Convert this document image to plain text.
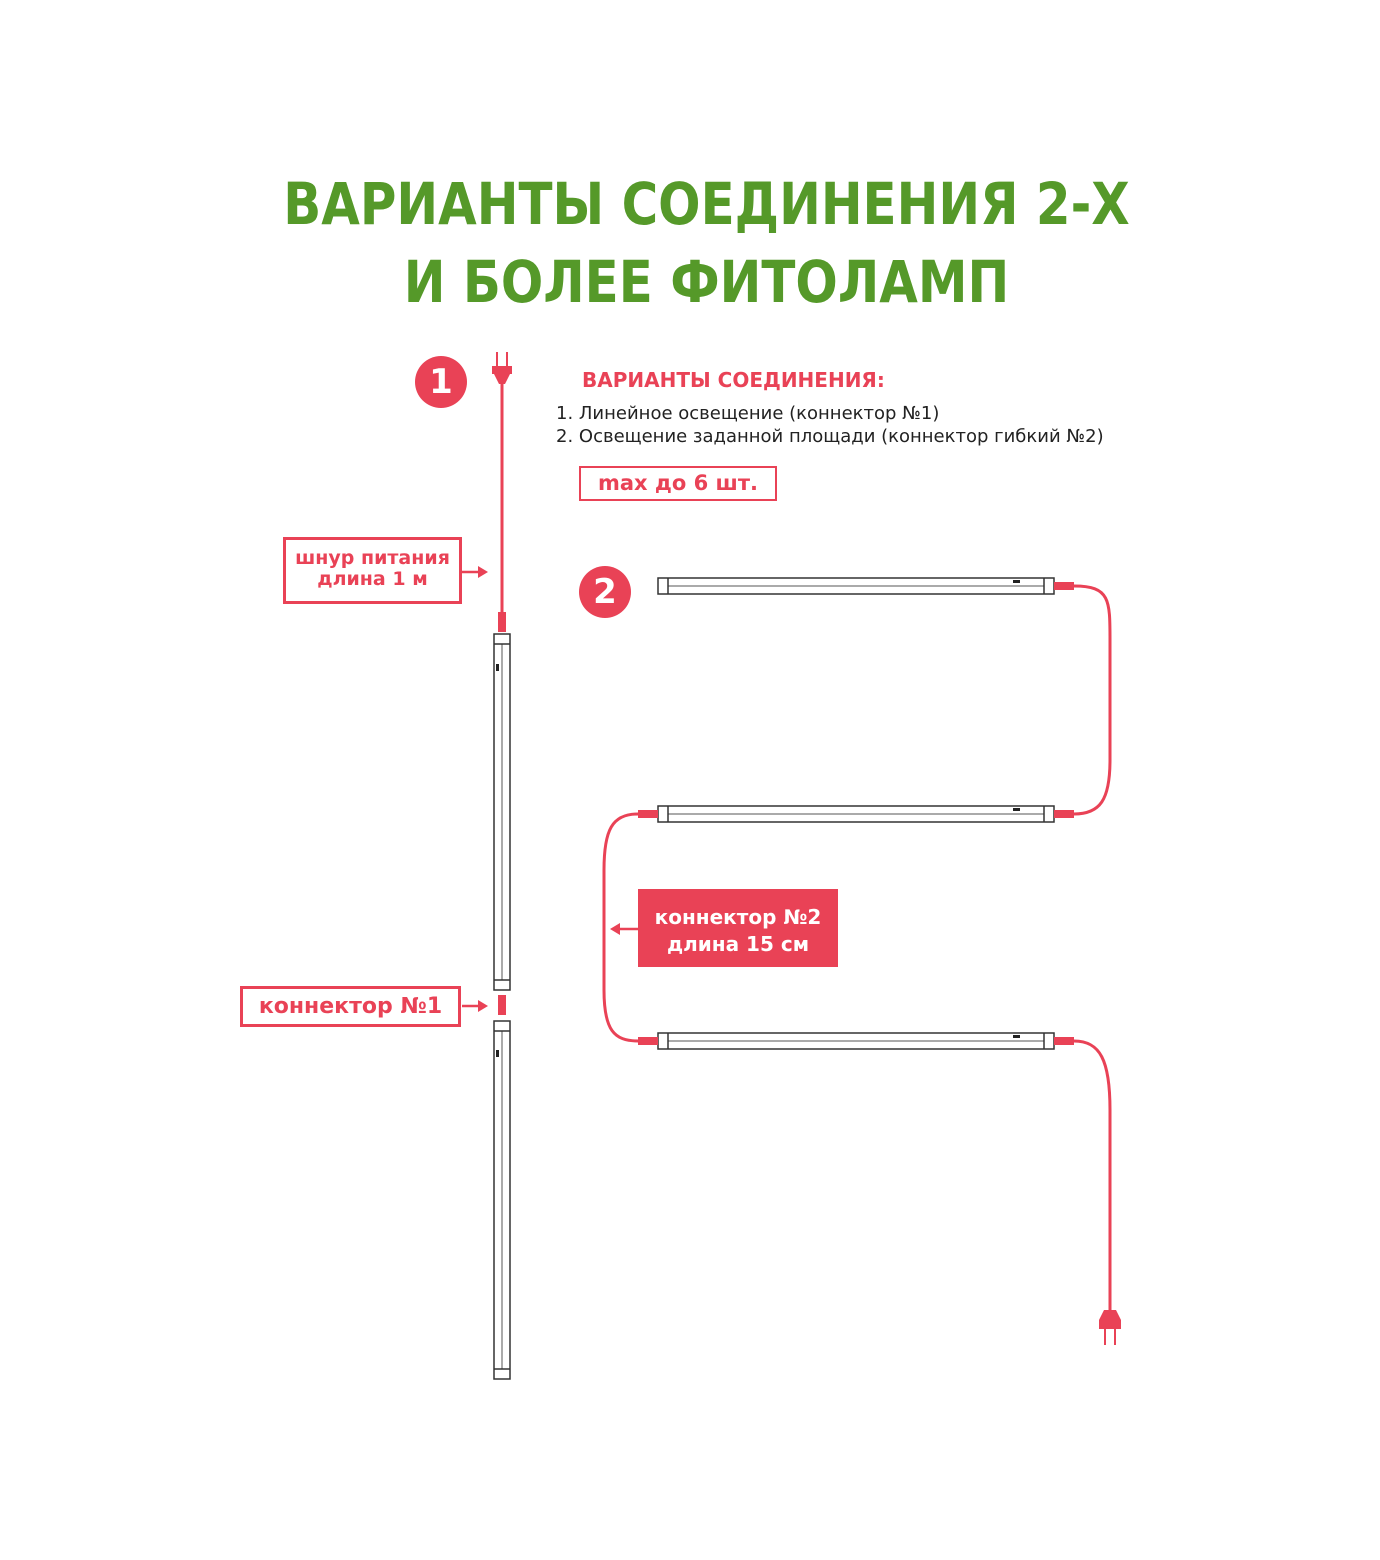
ВАРИАНТЫ СОЕДИНЕНИЯ 2-Х
И БОЛЕЕ ФИТОЛАМП
1
2
ВАРИАНТЫ СОЕДИНЕНИЯ:
1. Линейное освещение (коннектор №1)
2. Освещение заданной площади (коннектор гибкий №2)
max до 6 шт.
шнур питания
длина 1 м
коннектор №1
коннектор №2
длина 15 см
